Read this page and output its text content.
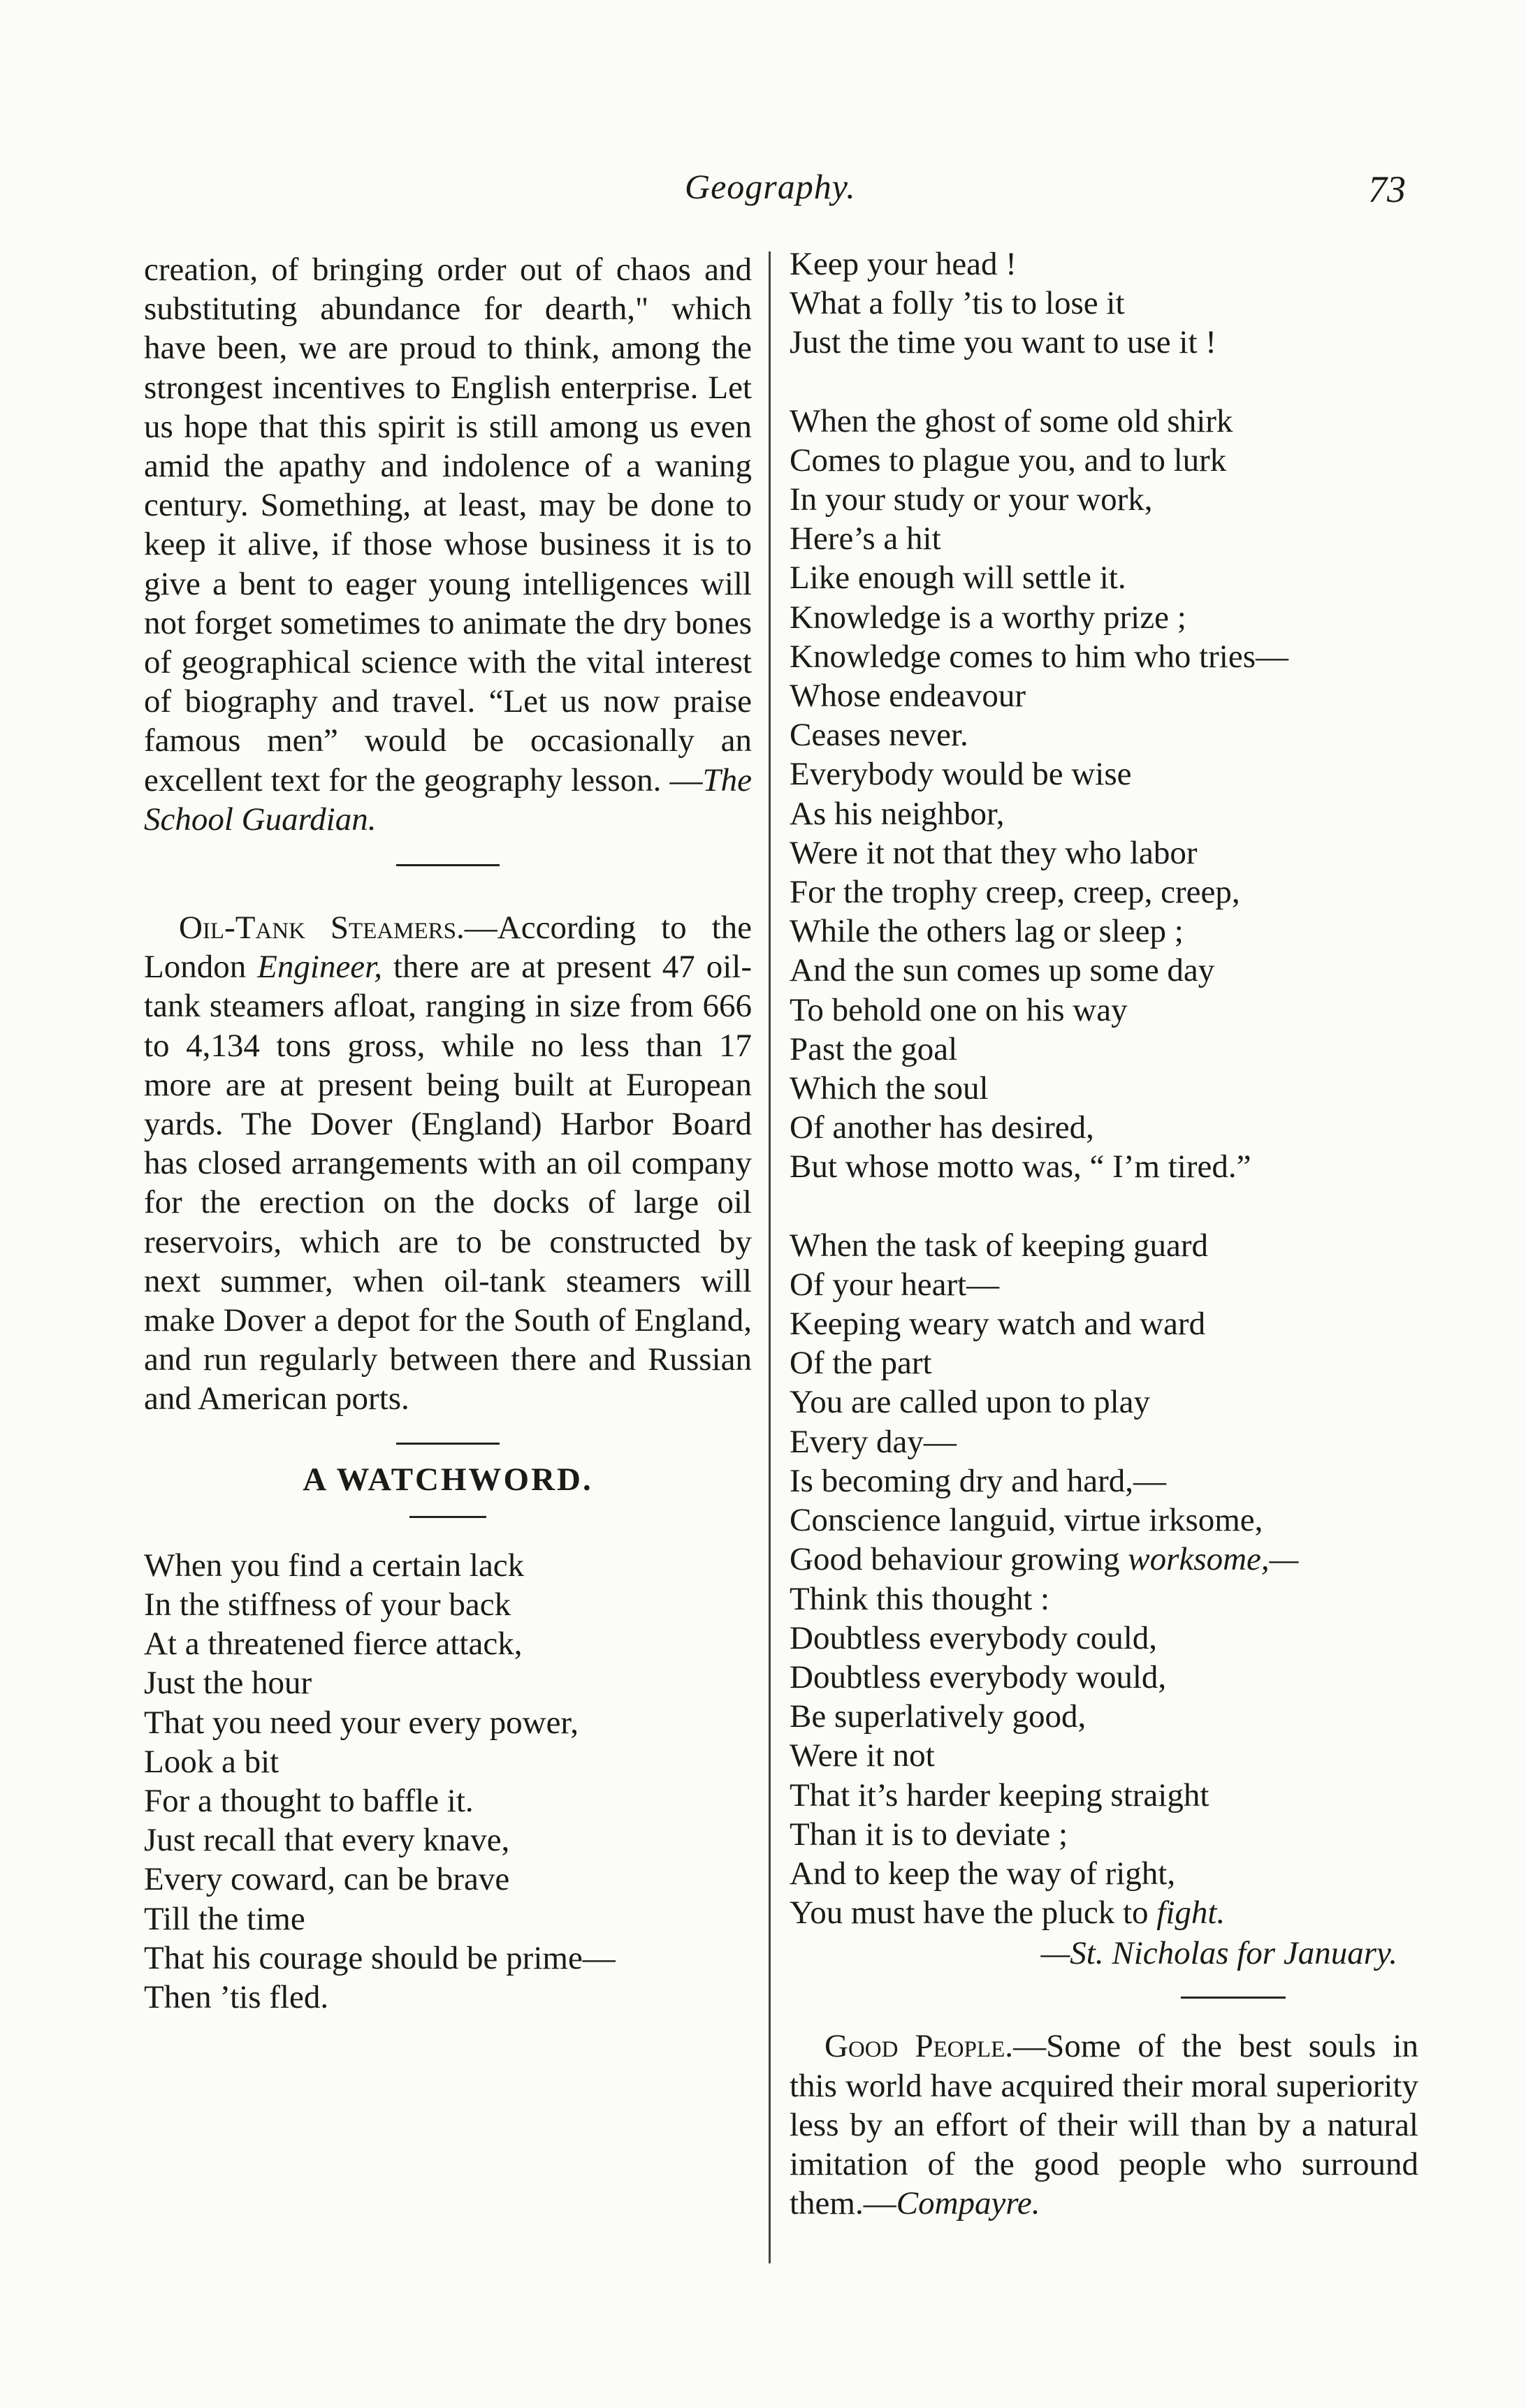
Geography.	73

creation, of bringing order out of chaos and substituting abundance for dearth," which have been, we are proud to think, among the strongest incentives to English enterprise. Let us hope that this spirit is still among us even amid the apathy and indolence of a waning century. Something, at least, may be done to keep it alive, if those whose business it is to give a bent to eager young intelligences will not forget sometimes to animate the dry bones of geographical science with the vital interest of biography and travel. “Let us now praise famous men” would be occasionally an excellent text for the geography lesson. —The School Guardian.

Oil-Tank Steamers.—According to the London Engineer, there are at present 47 oil-tank steamers afloat, ranging in size from 666 to 4,134 tons gross, while no less than 17 more are at present being built at European yards. The Dover (England) Harbor Board has closed arrangements with an oil company for the erection on the docks of large oil reservoirs, which are to be constructed by next summer, when oil-tank steamers will make Dover a depot for the South of England, and run regularly between there and Russian and American ports.

A WATCHWORD.
When you find a certain lack
In the stiffness of your back
At a threatened fierce attack,
Just the hour
That you need your every power,
Look a bit
For a thought to baffle it.
Just recall that every knave,
Every coward, can be brave
Till the time
That his courage should be prime—
Then ’tis fled.
Keep your head !
What a folly ’tis to lose it
Just the time you want to use it !
When the ghost of some old shirk
Comes to plague you, and to lurk
In your study or your work,
Here’s a hit
Like enough will settle it.
Knowledge is a worthy prize ;
Knowledge comes to him who tries—
Whose endeavour
Ceases never.
Everybody would be wise
As his neighbor,
Were it not that they who labor
For the trophy creep, creep, creep,
While the others lag or sleep ;
And the sun comes up some day
To behold one on his way
Past the goal
Which the soul
Of another has desired,
But whose motto was, “ I’m tired.”
When the task of keeping guard
Of your heart—
Keeping weary watch and ward
Of the part
You are called upon to play
Every day—
Is becoming dry and hard,—
Conscience languid, virtue irksome,
Good behaviour growing worksome,—
Think this thought :
Doubtless everybody could,
Doubtless everybody would,
Be superlatively good,
Were it not
That it’s harder keeping straight
Than it is to deviate ;
And to keep the way of right,
You must have the pluck to fight.
—St. Nicholas for January.

Good People.—Some of the best souls in this world have acquired their moral superiority less by an effort of their will than by a natural imitation of the good people who surround them.—Compayre.
